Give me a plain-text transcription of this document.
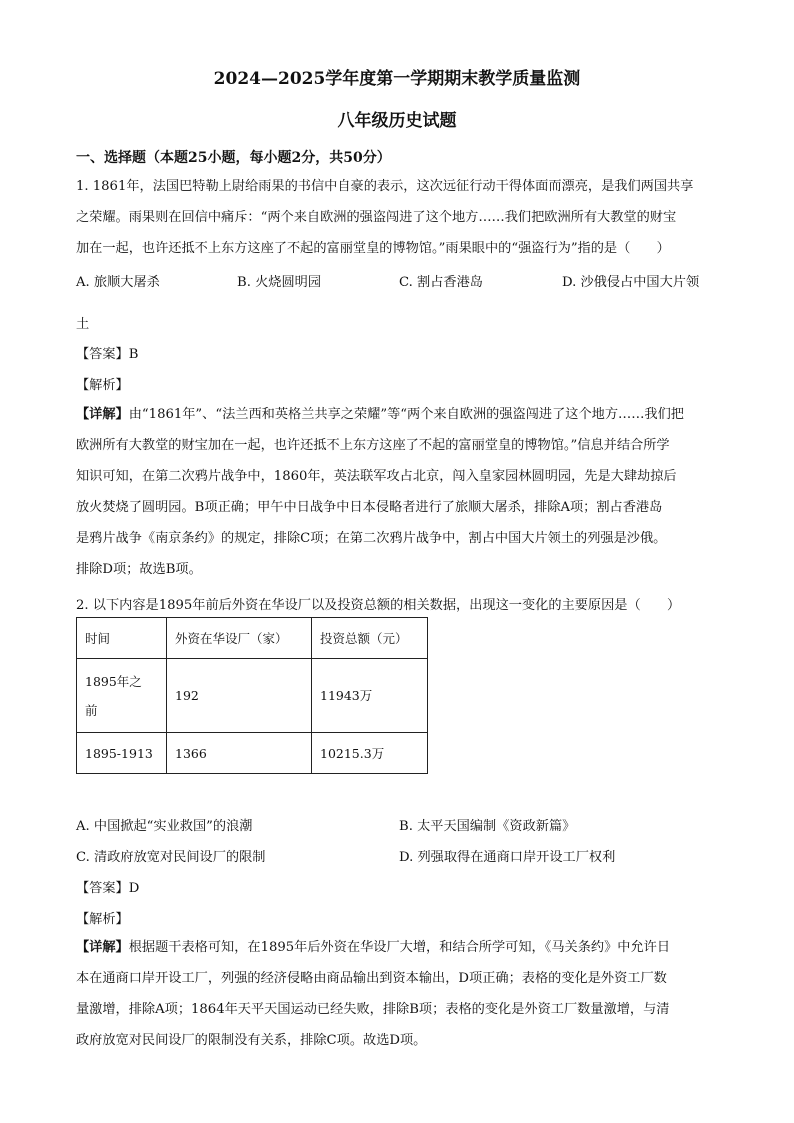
2024—2025学年度第一学期期末教学质量监测
八年级历史试题
一、选择题（本题25小题，每小题2分，共50分）
1. 1861年，法国巴特勒上尉给雨果的书信中自豪的表示，这次远征行动干得体面而漂亮，是我们两国共享
之荣耀。雨果则在回信中痛斥：“两个来自欧洲的强盗闯进了这个地方……我们把欧洲所有大教堂的财宝
加在一起，也许还抵不上东方这座了不起的富丽堂皇的博物馆。”雨果眼中的“强盗行为”指的是（　　）
A. 旅顺大屠杀	B. 火烧圆明园	C. 割占香港岛	D. 沙俄侵占中国大片领
土
【答案】B
【解析】
【详解】由“1861年”、“法兰西和英格兰共享之荣耀”等“两个来自欧洲的强盗闯进了这个地方……我们把
欧洲所有大教堂的财宝加在一起，也许还抵不上东方这座了不起的富丽堂皇的博物馆。”信息并结合所学
知识可知，在第二次鸦片战争中，1860年，英法联军攻占北京，闯入皇家园林圆明园，先是大肆劫掠后
放火焚烧了圆明园。B项正确；甲午中日战争中日本侵略者进行了旅顺大屠杀，排除A项；割占香港岛
是鸦片战争《南京条约》的规定，排除C项；在第二次鸦片战争中，割占中国大片领土的列强是沙俄。
排除D项；故选B项。
2. 以下内容是1895年前后外资在华设厂以及投资总额的相关数据，出现这一变化的主要原因是（　　）
时间	外资在华设厂（家）	投资总额（元）
1895年之
前	192	11943万
1895-1913	1366	10215.3万
A. 中国掀起“实业救国”的浪潮	B. 太平天国编制《资政新篇》
C. 清政府放宽对民间设厂的限制	D. 列强取得在通商口岸开设工厂权利
【答案】D
【解析】
【详解】根据题干表格可知，在1895年后外资在华设厂大增，和结合所学可知，《马关条约》中允许日
本在通商口岸开设工厂，列强的经济侵略由商品输出到资本输出，D项正确；表格的变化是外资工厂数
量激增，排除A项；1864年天平天国运动已经失败，排除B项；表格的变化是外资工厂数量激增，与清
政府放宽对民间设厂的限制没有关系，排除C项。故选D项。
